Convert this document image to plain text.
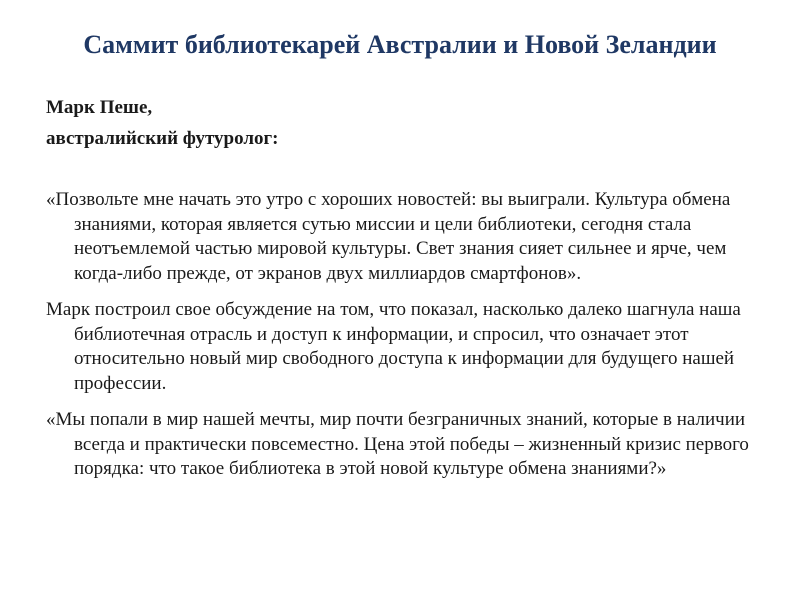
Саммит библиотекарей Австралии и Новой Зеландии

Марк Пеше,

австралийский футуролог:

«Позвольте мне начать это утро с хороших новостей: вы выиграли. Культура обмена знаниями, которая является сутью миссии и цели библиотеки, сегодня стала неотъемлемой частью мировой культуры. Свет знания сияет сильнее и ярче, чем когда-либо прежде, от экранов двух миллиардов смартфонов».

Марк построил свое обсуждение на том, что показал, насколько далеко шагнула наша библиотечная отрасль и доступ к информации, и спросил, что означает этот относительно новый мир свободного доступа к информации для будущего нашей профессии.

«Мы попали в мир нашей мечты, мир почти безграничных знаний, которые в наличии всегда и практически повсеместно. Цена этой победы – жизненный кризис первого порядка: что такое библиотека в этой новой культуре обмена знаниями?»
